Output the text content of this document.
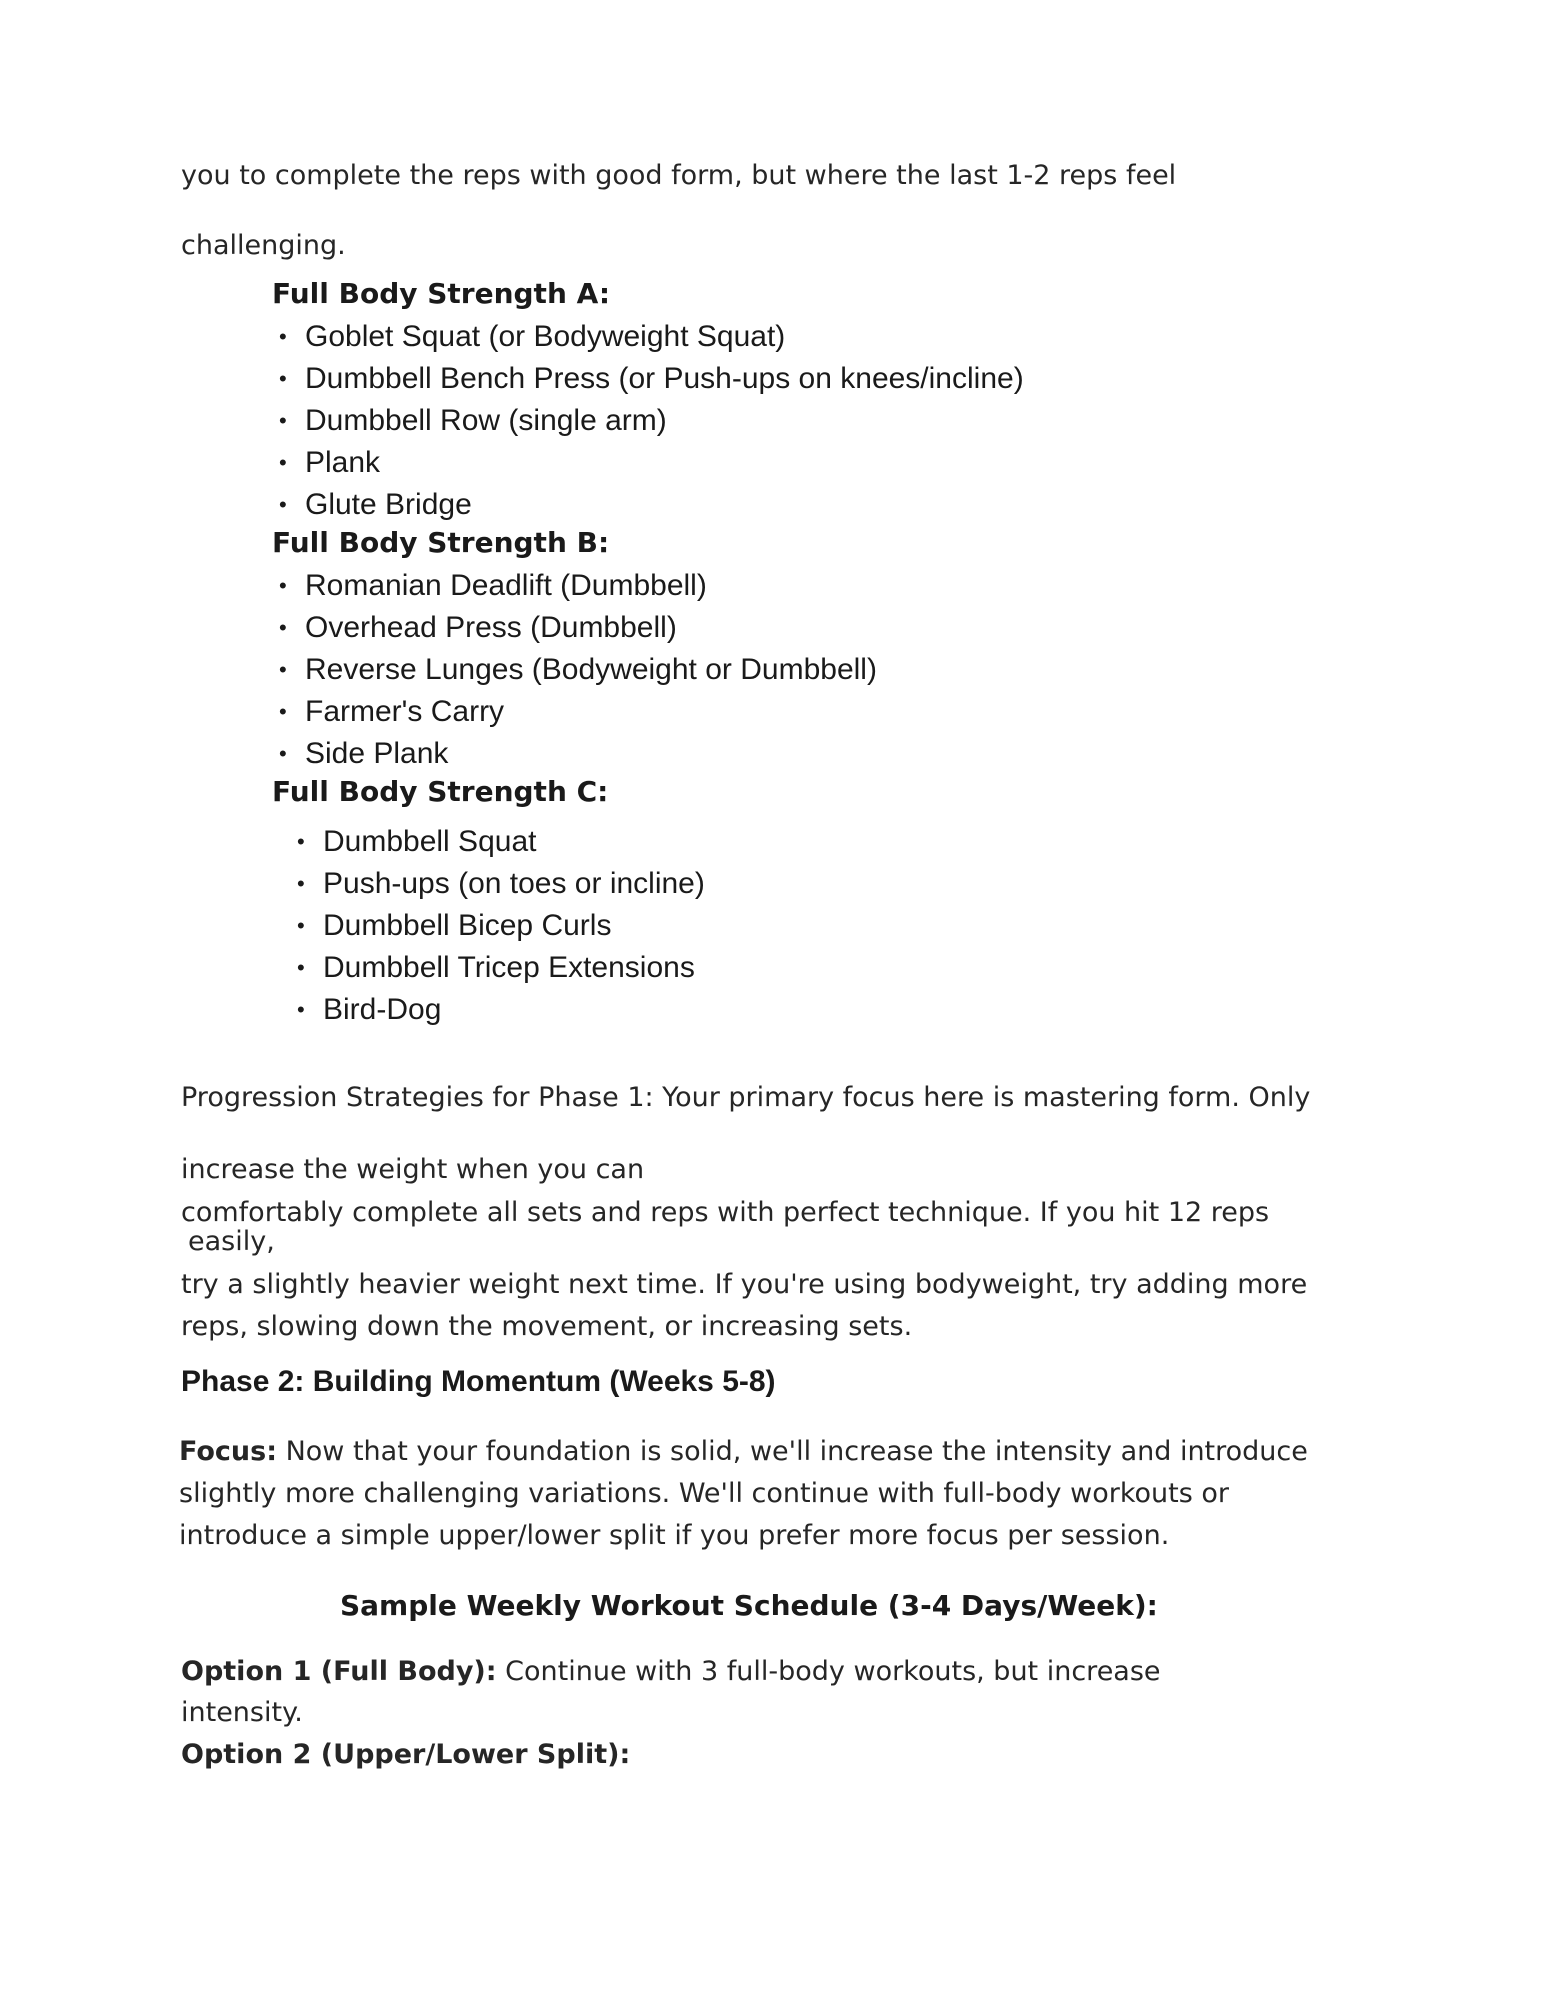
you to complete the reps with good form, but where the last 1-2 reps feel

challenging.

Full Body Strength A:

• Goblet Squat (or Bodyweight Squat)
• Dumbbell Bench Press (or Push-ups on knees/incline)
• Dumbbell Row (single arm)
• Plank
• Glute Bridge

Full Body Strength B:

• Romanian Deadlift (Dumbbell)
• Overhead Press (Dumbbell)
• Reverse Lunges (Bodyweight or Dumbbell)
• Farmer's Carry
• Side Plank

Full Body Strength C:

• Dumbbell Squat
• Push-ups (on toes or incline)
• Dumbbell Bicep Curls
• Dumbbell Tricep Extensions
• Bird-Dog

Progression Strategies for Phase 1: Your primary focus here is mastering form. Only

increase the weight when you can

comfortably complete all sets and reps with perfect technique. If you hit 12 reps

easily,

try a slightly heavier weight next time. If you're using bodyweight, try adding more

reps, slowing down the movement, or increasing sets.

Phase 2: Building Momentum (Weeks 5-8)

Focus: Now that your foundation is solid, we'll increase the intensity and introduce

slightly more challenging variations. We'll continue with full-body workouts or

introduce a simple upper/lower split if you prefer more focus per session.

Sample Weekly Workout Schedule (3-4 Days/Week):

Option 1 (Full Body): Continue with 3 full-body workouts, but increase

intensity.

Option 2 (Upper/Lower Split):
